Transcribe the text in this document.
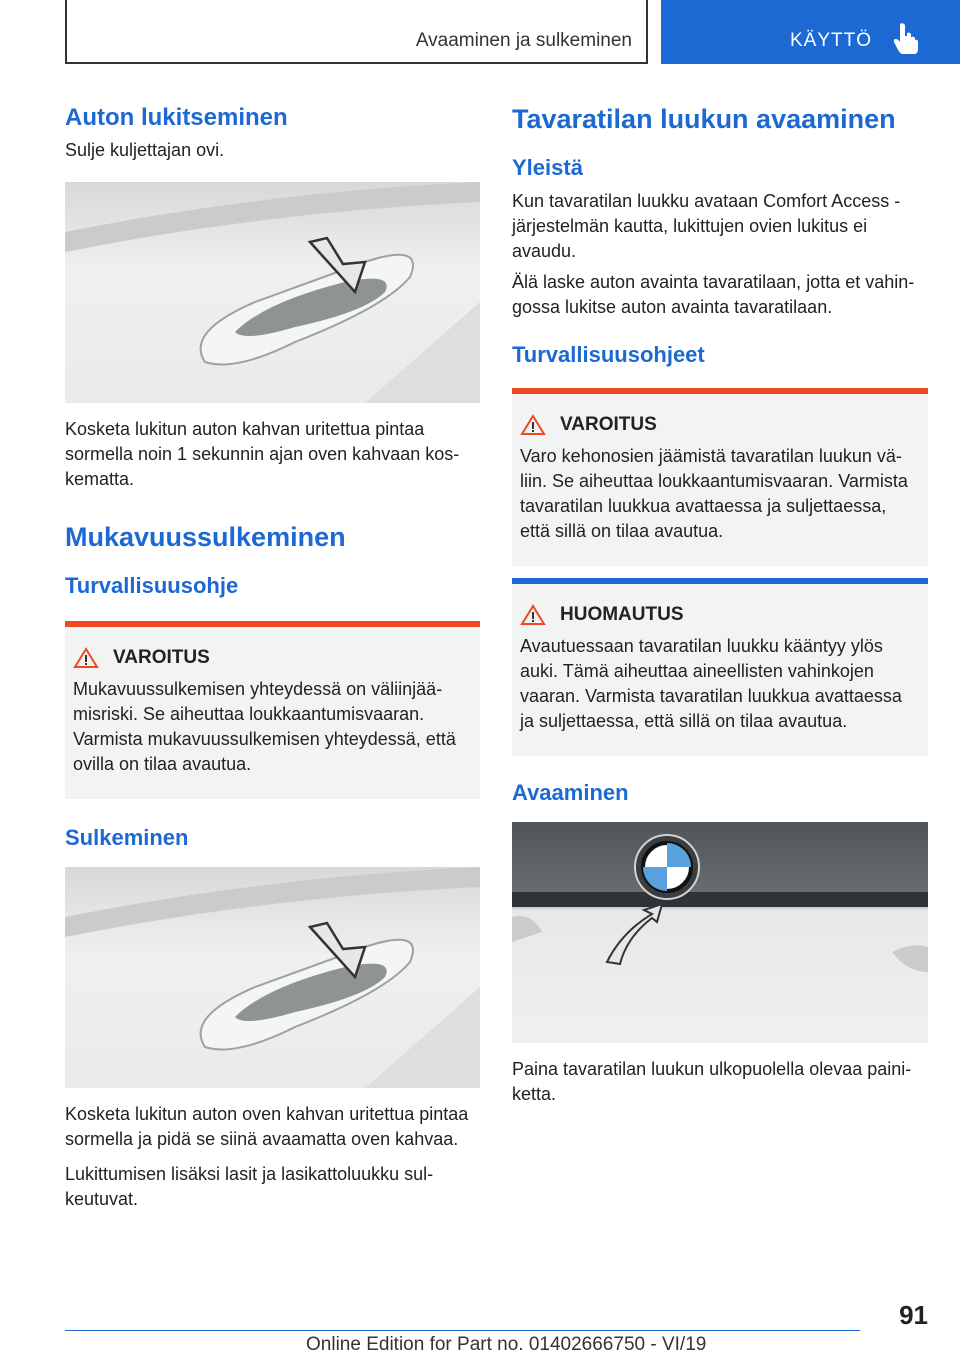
Avaaminen ja sulkeminen	KÄYTTÖ
Auton lukitseminen

Sulje kuljettajan ovi.

Kosketa lukitun auton kahvan uritettua pintaa sormella noin 1 sekunnin ajan oven kahvaan koskematta.

Mukavuussulkeminen
Turvallisuusohje
VAROITUS

Mukavuussulkemisen yhteydessä on väliinjäämisriski. Se aiheuttaa loukkaantumisvaaran. Varmista mukavuussulkemisen yhteydessä, että ovilla on tilaa avautua.

Sulkeminen

Kosketa lukitun auton oven kahvan uritettua pintaa sormella ja pidä se siinä avaamatta oven kahvaa.

Lukittumisen lisäksi lasit ja lasikattoluukku sulkeutuvat.

Tavaratilan luukun avaaminen
Yleistä

Kun tavaratilan luukku avataan Comfort Access -järjestelmän kautta, lukittujen ovien lukitus ei avaudu.

Älä laske auton avainta tavaratilaan, jotta et vahingossa lukitse auton avainta tavaratilaan.

Turvallisuusohjeet
VAROITUS

Varo kehonosien jäämistä tavaratilan luukun väliin. Se aiheuttaa loukkaantumisvaaran. Varmista tavaratilan luukkua avattaessa ja suljettaessa, että sillä on tilaa avautua.

HUOMAUTUS

Avautuessaan tavaratilan luukku kääntyy ylös auki. Tämä aiheuttaa aineellisten vahinkojen vaaran. Varmista tavaratilan luukkua avattaessa ja suljettaessa, että sillä on tilaa avautua.

Avaaminen

Paina tavaratilan luukun ulkopuolella olevaa painiketta.

91
Online Edition for Part no. 01402666750 - VI/19
